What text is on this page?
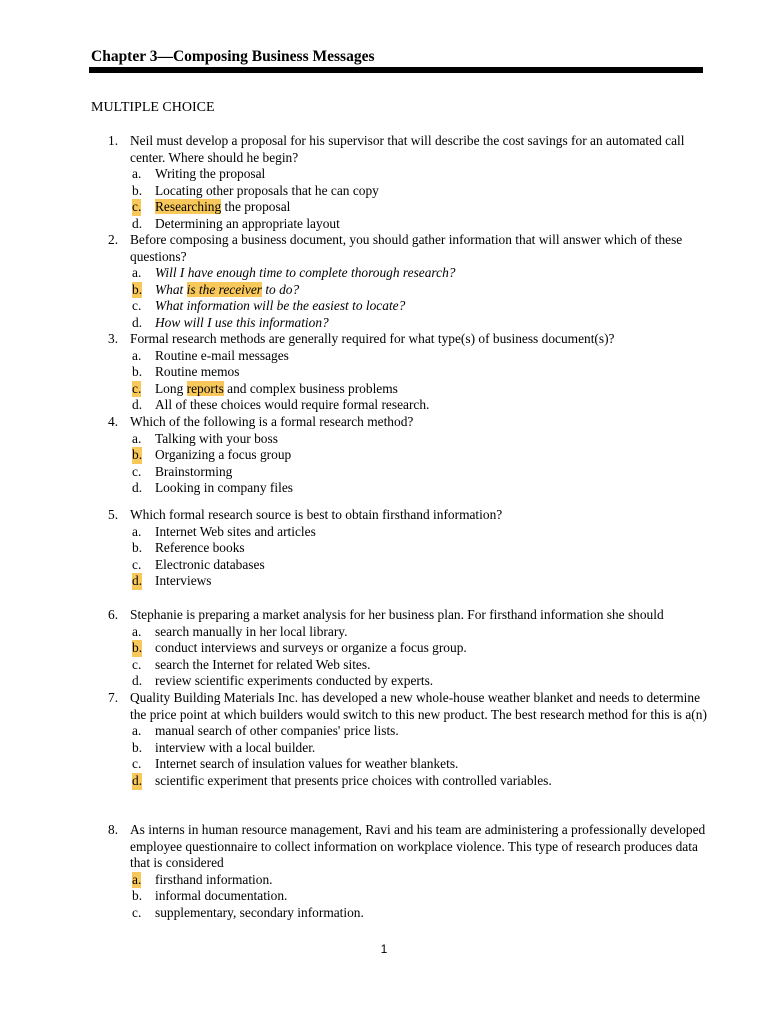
Chapter 3—Composing Business Messages
MULTIPLE CHOICE
1. Neil must develop a proposal for his supervisor that will describe the cost savings for an automated call center. Where should he begin?
a. Writing the proposal
b. Locating other proposals that he can copy
c. Researching the proposal
d. Determining an appropriate layout
2. Before composing a business document, you should gather information that will answer which of these questions?
a. Will I have enough time to complete thorough research?
b. What is the receiver to do?
c. What information will be the easiest to locate?
d. How will I use this information?
3. Formal research methods are generally required for what type(s) of business document(s)?
a. Routine e-mail messages
b. Routine memos
c. Long reports and complex business problems
d. All of these choices would require formal research.
4. Which of the following is a formal research method?
a. Talking with your boss
b. Organizing a focus group
c. Brainstorming
d. Looking in company files
5. Which formal research source is best to obtain firsthand information?
a. Internet Web sites and articles
b. Reference books
c. Electronic databases
d. Interviews
6. Stephanie is preparing a market analysis for her business plan. For firsthand information she should
a. search manually in her local library.
b. conduct interviews and surveys or organize a focus group.
c. search the Internet for related Web sites.
d. review scientific experiments conducted by experts.
7. Quality Building Materials Inc. has developed a new whole-house weather blanket and needs to determine the price point at which builders would switch to this new product. The best research method for this is a(n)
a. manual search of other companies' price lists.
b. interview with a local builder.
c. Internet search of insulation values for weather blankets.
d. scientific experiment that presents price choices with controlled variables.
8. As interns in human resource management, Ravi and his team are administering a professionally developed employee questionnaire to collect information on workplace violence. This type of research produces data that is considered
a. firsthand information.
b. informal documentation.
c. supplementary, secondary information.
1
